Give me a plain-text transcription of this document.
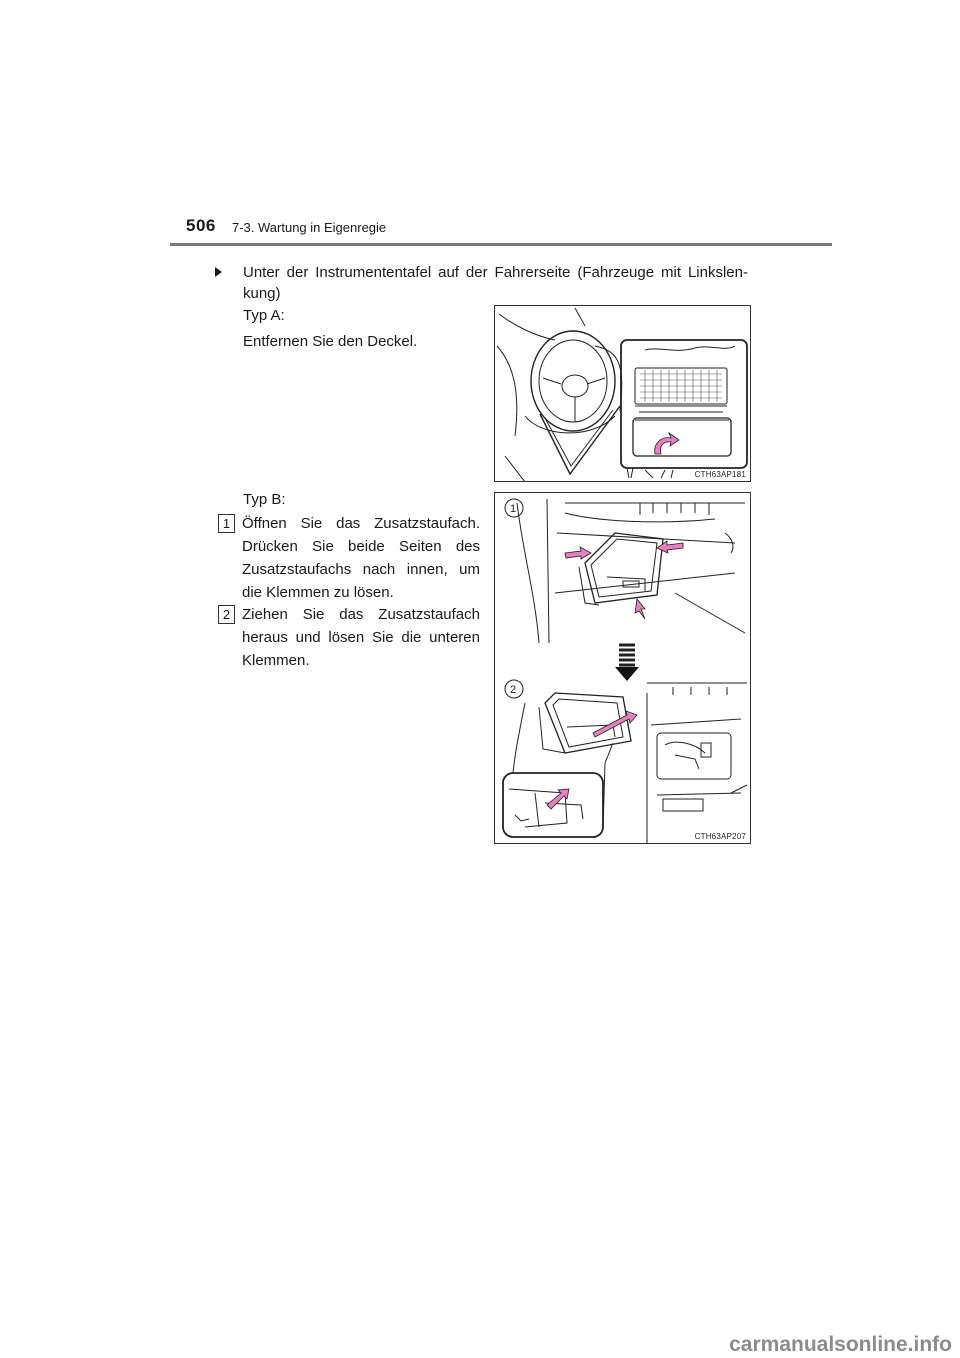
506 7-3. Wartung in Eigenregie
Unter der Instrumententafel auf der Fahrerseite (Fahrzeuge mit Linkslen-kung)
Typ A:
Entfernen Sie den Deckel.
CTH63AP181
Typ B:
1 Öffnen Sie das Zusatzstaufach. Drücken Sie beide Seiten des Zusatzstaufachs nach innen, um die Klemmen zu lösen.
2 Ziehen Sie das Zusatzstaufach heraus und lösen Sie die unteren Klemmen.
1
2
CTH63AP207
carmanualsonline.info
